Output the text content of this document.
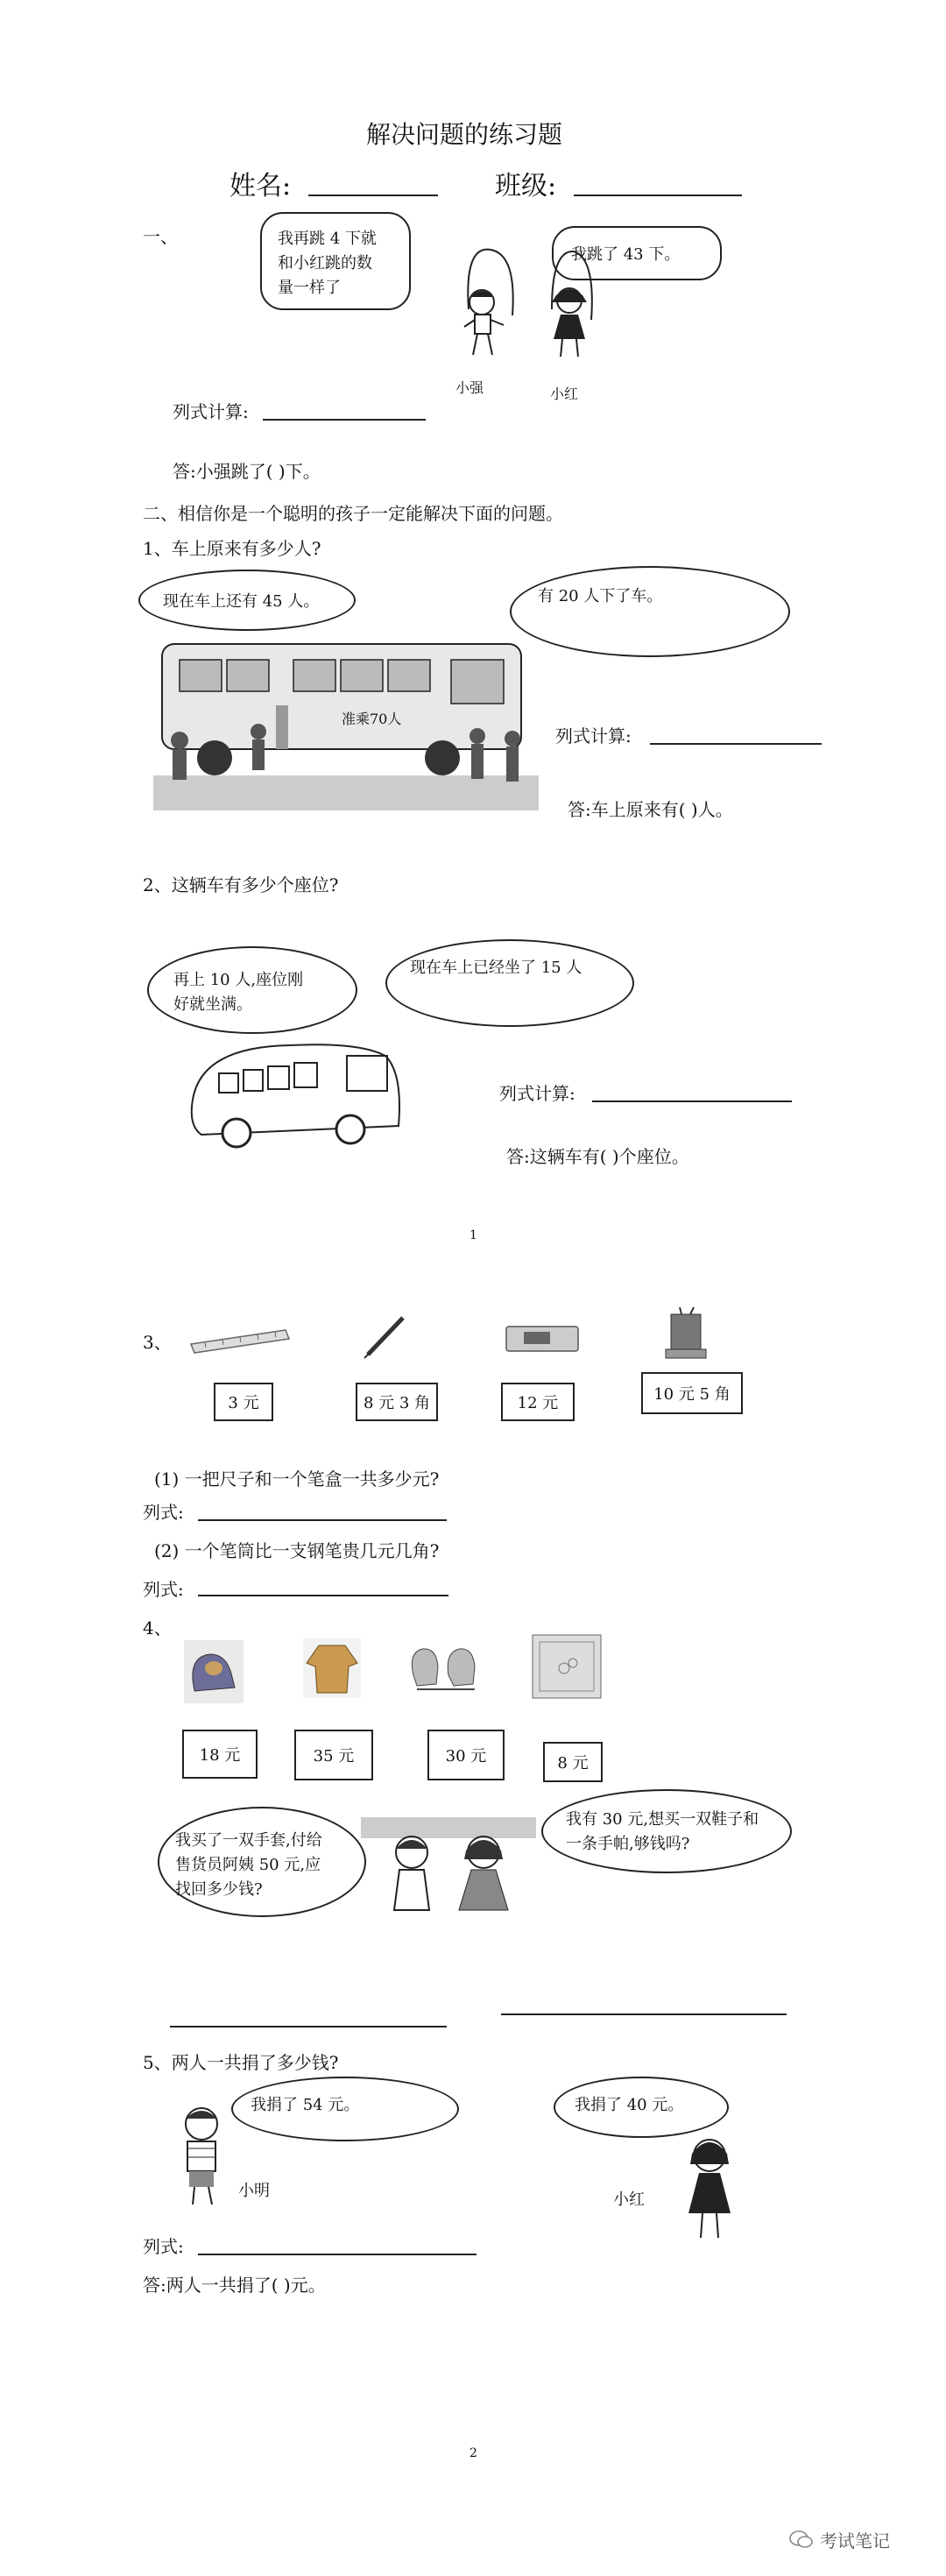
解决问题的练习题
姓名:	班级:
一、	我再跳 4 下就
和小红跳的数
量一样了
我跳了 43 下。
小强	小红
列式计算:
答:小强跳了( )下。
二、相信你是一个聪明的孩子一定能解决下面的问题。
1、车上原来有多少人?
现在车上还有 45 人。	有 20 人下了车。
准乘70人
列式计算:
答:车上原来有( )人。
2、这辆车有多少个座位?
再上 10 人,座位刚
好就坐满。
现在车上已经坐了 15 人
列式计算:
答:这辆车有( )个座位。
1
3、
3 元	8 元 3 角	12 元	10 元 5 角
(1) 一把尺子和一个笔盒一共多少元?
列式:
(2) 一个笔筒比一支钢笔贵几元几角?
列式:
4、
18 元	35 元	30 元	8 元
我买了一双手套,付给
售货员阿姨 50 元,应
找回多少钱?
我有 30 元,想买一双鞋子和
一条手帕,够钱吗?
5、两人一共捐了多少钱?
我捐了 54 元。	我捐了 40 元。
小明	小红
列式:
答:两人一共捐了( )元。
2
考试笔记
